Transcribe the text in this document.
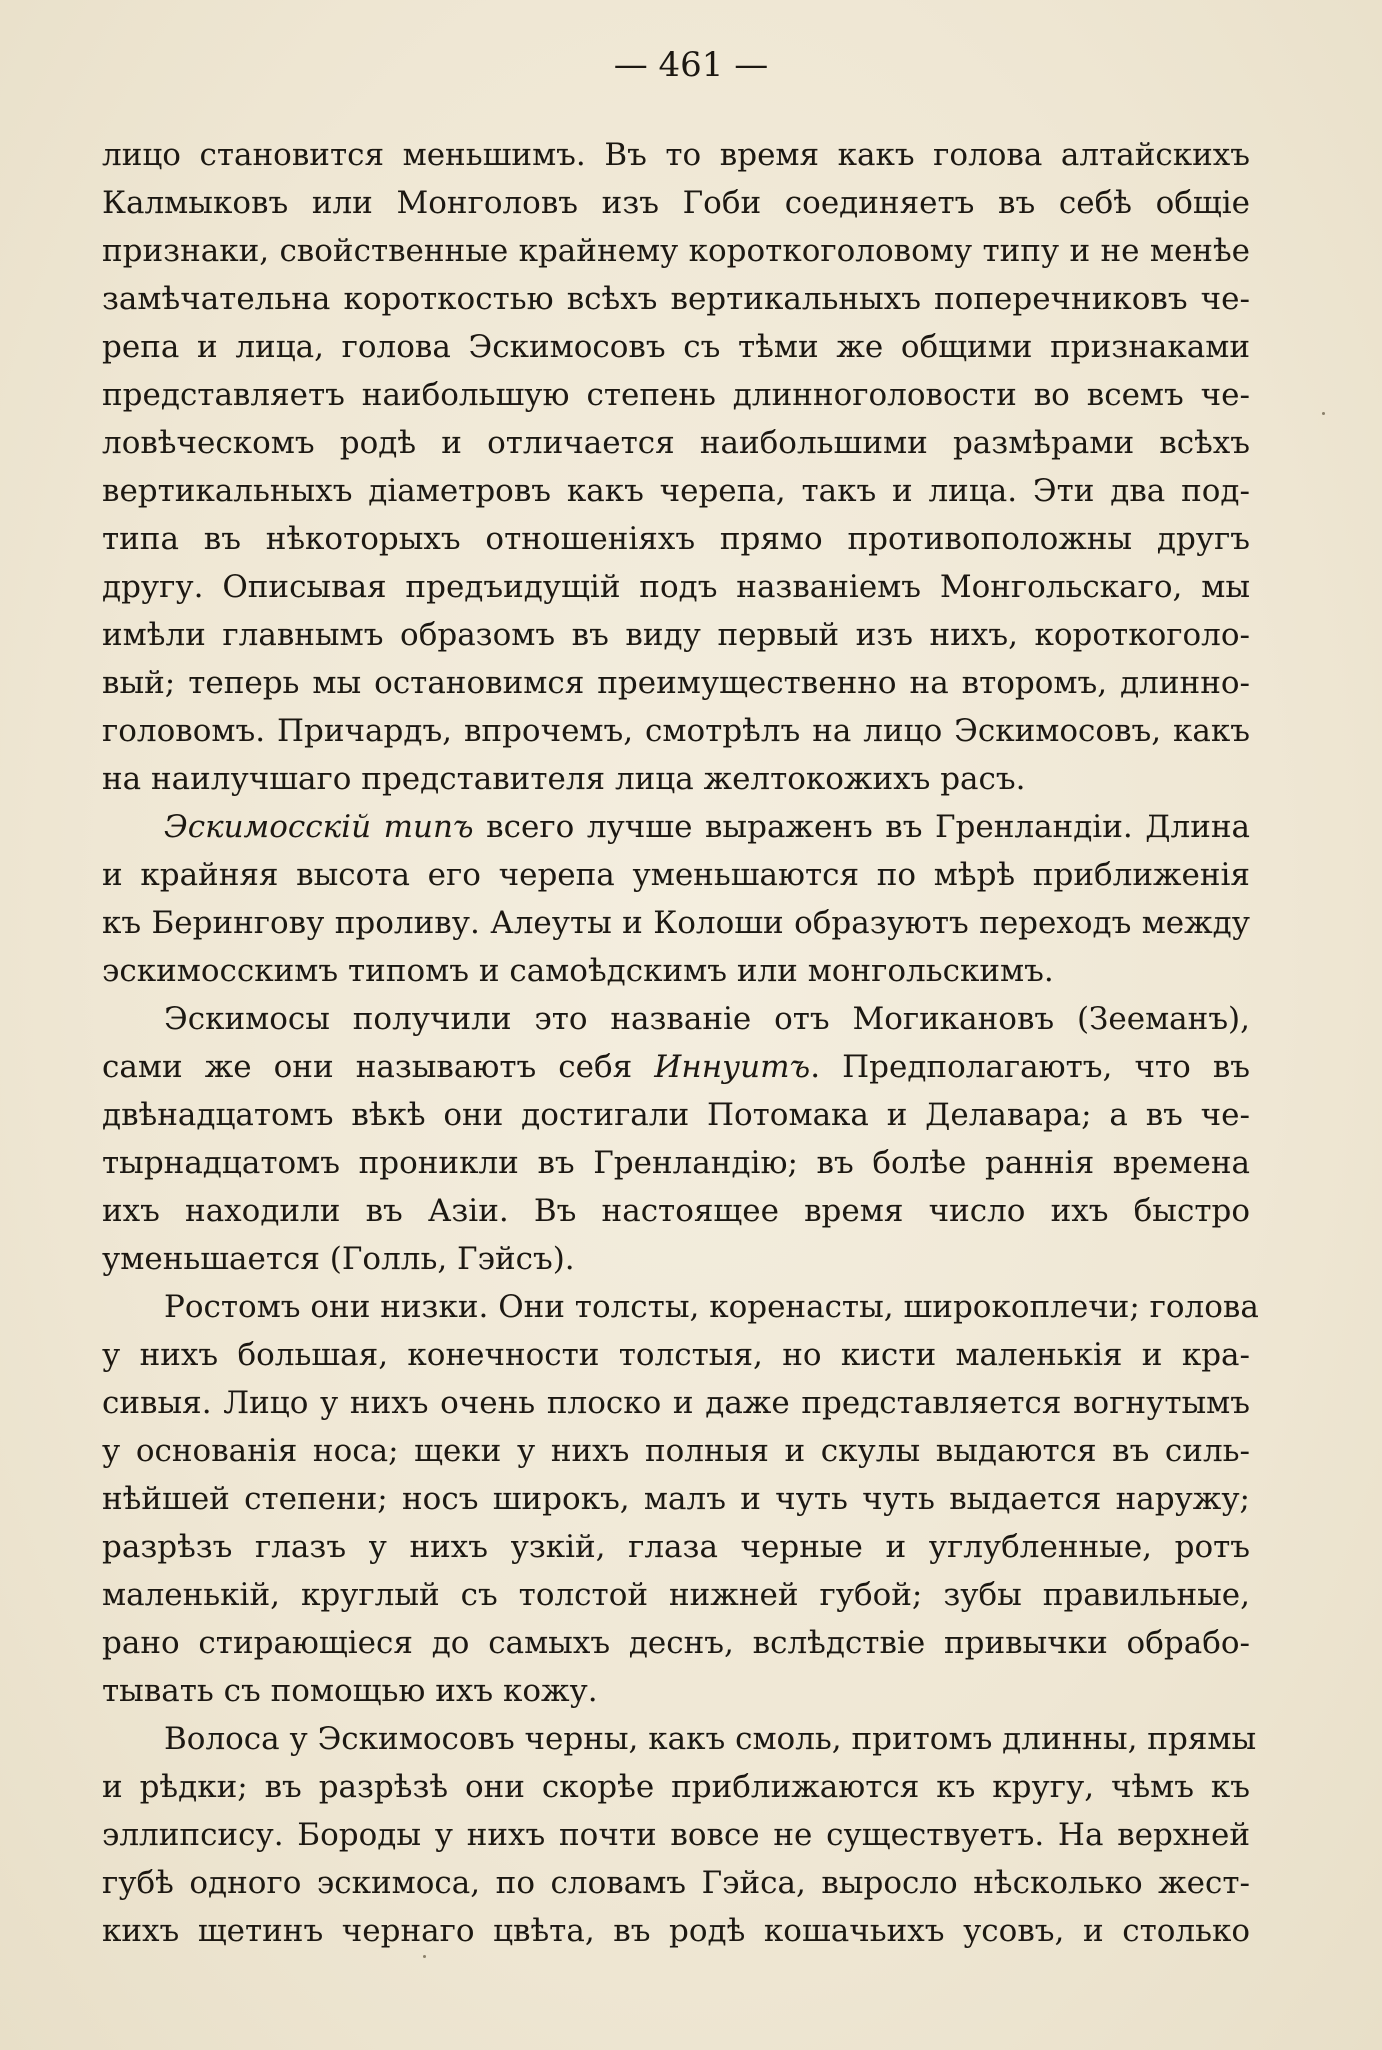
— 461 —
лицо становится меньшимъ. Въ то время какъ голова алтайскихъ
Калмыковъ или Монголовъ изъ Гоби соединяетъ въ себѣ общіе
признаки, свойственные крайнему короткоголовому типу и не менѣе
замѣчательна короткостью всѣхъ вертикальныхъ поперечниковъ че-
репа и лица, голова Эскимосовъ съ тѣми же общими признаками
представляетъ наибольшую степень длинноголовости во всемъ че-
ловѣческомъ родѣ и отличается наибольшими размѣрами всѣхъ
вертикальныхъ діаметровъ какъ черепа, такъ и лица. Эти два под-
типа въ нѣкоторыхъ отношеніяхъ прямо противоположны другъ
другу. Описывая предъидущій подъ названіемъ Монгольскаго, мы
имѣли главнымъ образомъ въ виду первый изъ нихъ, короткоголо-
вый; теперь мы остановимся преимущественно на второмъ, длинно-
головомъ. Причардъ, впрочемъ, смотрѣлъ на лицо Эскимосовъ, какъ
на наилучшаго представителя лица желтокожихъ расъ.
Эскимосскій типъ всего лучше выраженъ въ Гренландіи. Длина
и крайняя высота его черепа уменьшаются по мѣрѣ приближенія
къ Берингову проливу. Алеуты и Колоши образуютъ переходъ между
эскимосскимъ типомъ и самоѣдскимъ или монгольскимъ.
Эскимосы получили это названіе отъ Могикановъ (Зееманъ),
сами же они называютъ себя Иннуитъ. Предполагаютъ, что въ
двѣнадцатомъ вѣкѣ они достигали Потомака и Делавара; а въ че-
тырнадцатомъ проникли въ Гренландію; въ болѣе раннія времена
ихъ находили въ Азіи. Въ настоящее время число ихъ быстро
уменьшается (Голль, Гэйсъ).
Ростомъ они низки. Они толсты, коренасты, широкоплечи; голова
у нихъ большая, конечности толстыя, но кисти маленькія и кра-
сивыя. Лицо у нихъ очень плоско и даже представляется вогнутымъ
у основанія носа; щеки у нихъ полныя и скулы выдаются въ силь-
нѣйшей степени; носъ широкъ, малъ и чуть чуть выдается наружу;
разрѣзъ глазъ у нихъ узкій, глаза черные и углубленные, ротъ
маленькій, круглый съ толстой нижней губой; зубы правильные,
рано стирающіеся до самыхъ деснъ, вслѣдствіе привычки обрабо-
тывать съ помощью ихъ кожу.
Волоса у Эскимосовъ черны, какъ смоль, притомъ длинны, прямы
и рѣдки; въ разрѣзѣ они скорѣе приближаются къ кругу, чѣмъ къ
эллипсису. Бороды у нихъ почти вовсе не существуетъ. На верхней
губѣ одного эскимоса, по словамъ Гэйса, выросло нѣсколько жест-
кихъ щетинъ чернаго цвѣта, въ родѣ кошачьихъ усовъ, и столько
